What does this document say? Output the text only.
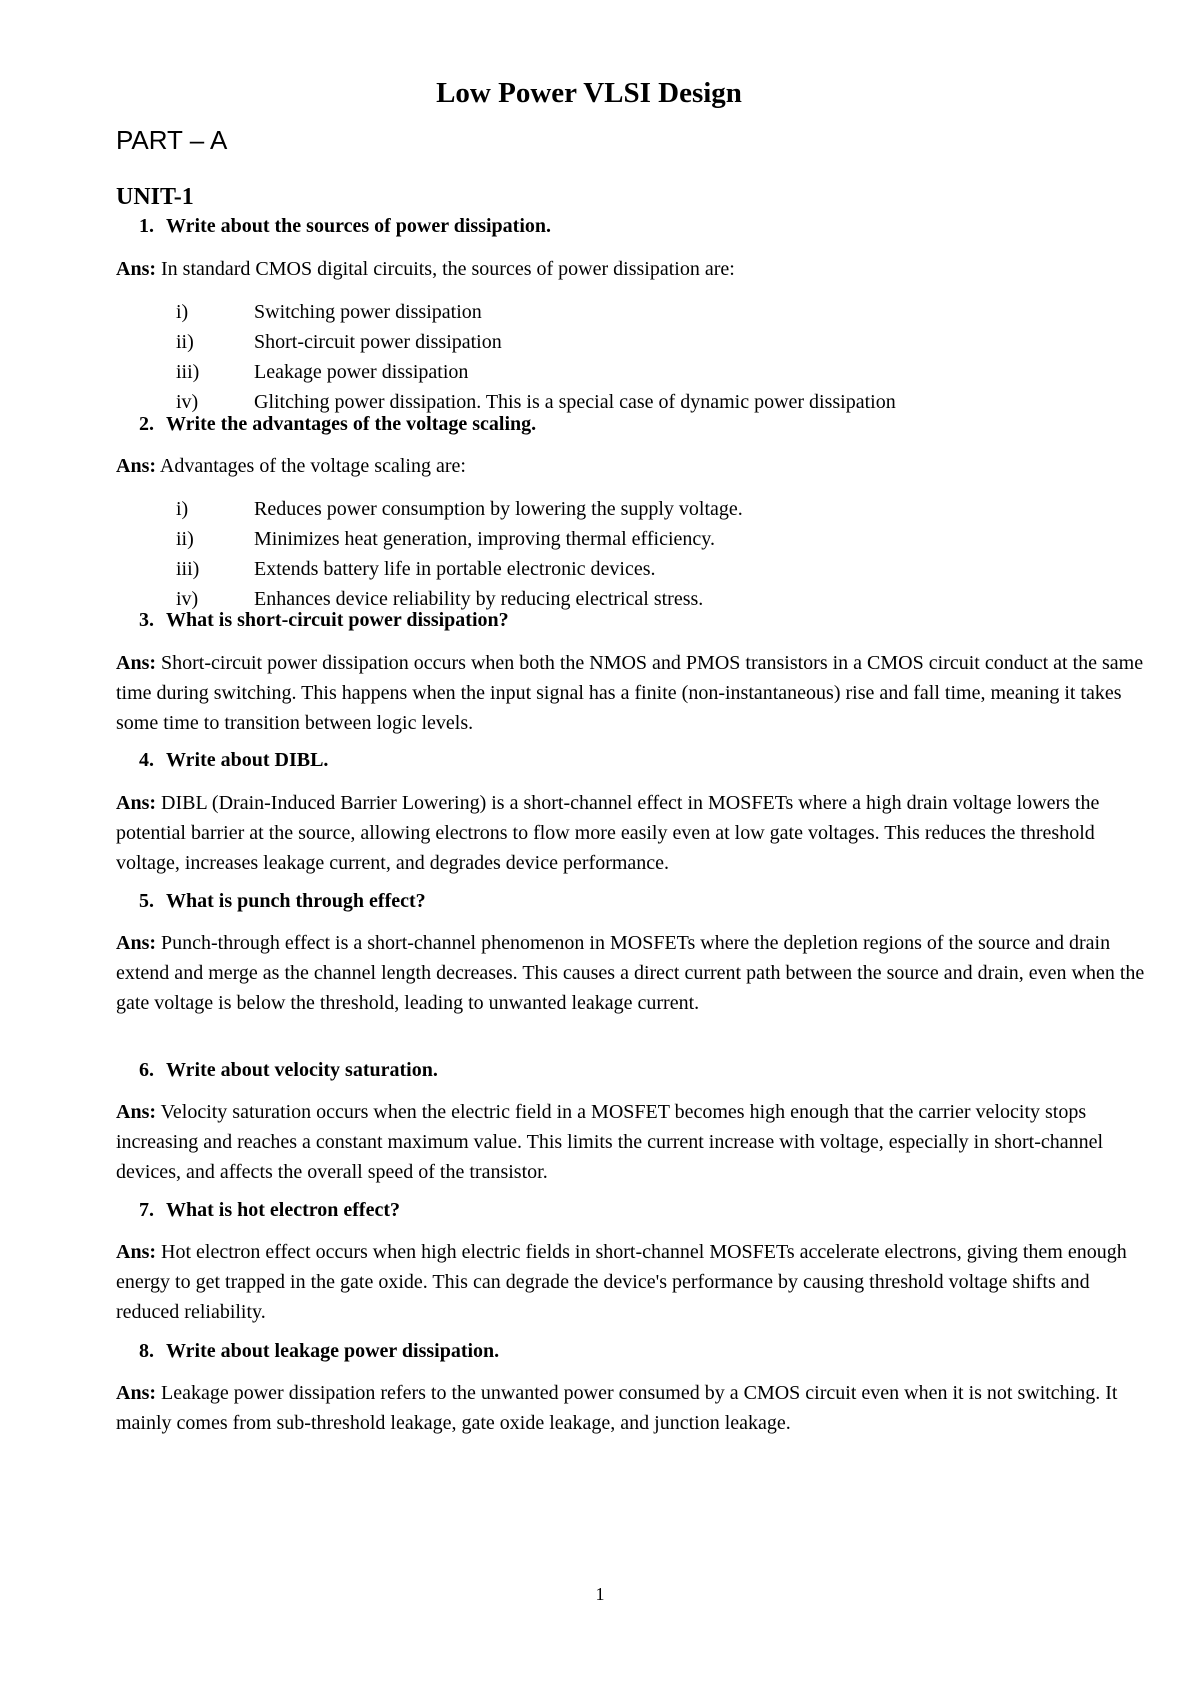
Low Power VLSI Design
PART – A
UNIT-1
1. Write about the sources of power dissipation.
Ans: In standard CMOS digital circuits, the sources of power dissipation are:
i)	Switching power dissipation
ii)	Short-circuit power dissipation
iii)	Leakage power dissipation
iv)	Glitching power dissipation. This is a special case of dynamic power dissipation
2. Write the advantages of the voltage scaling.
Ans: Advantages of the voltage scaling are:
i)	Reduces power consumption by lowering the supply voltage.
ii)	Minimizes heat generation, improving thermal efficiency.
iii)	Extends battery life in portable electronic devices.
iv)	Enhances device reliability by reducing electrical stress.
3. What is short-circuit power dissipation?
Ans: Short-circuit power dissipation occurs when both the NMOS and PMOS transistors in a CMOS circuit conduct at the same time during switching. This happens when the input signal has a finite (non-instantaneous) rise and fall time, meaning it takes some time to transition between logic levels.
4. Write about DIBL.
Ans: DIBL (Drain-Induced Barrier Lowering) is a short-channel effect in MOSFETs where a high drain voltage lowers the potential barrier at the source, allowing electrons to flow more easily even at low gate voltages. This reduces the threshold voltage, increases leakage current, and degrades device performance.
5. What is punch through effect?
Ans: Punch-through effect is a short-channel phenomenon in MOSFETs where the depletion regions of the source and drain extend and merge as the channel length decreases. This causes a direct current path between the source and drain, even when the gate voltage is below the threshold, leading to unwanted leakage current.
6. Write about velocity saturation.
Ans: Velocity saturation occurs when the electric field in a MOSFET becomes high enough that the carrier velocity stops increasing and reaches a constant maximum value. This limits the current increase with voltage, especially in short-channel devices, and affects the overall speed of the transistor.
7. What is hot electron effect?
Ans: Hot electron effect occurs when high electric fields in short-channel MOSFETs accelerate electrons, giving them enough energy to get trapped in the gate oxide. This can degrade the device's performance by causing threshold voltage shifts and reduced reliability.
8. Write about leakage power dissipation.
Ans: Leakage power dissipation refers to the unwanted power consumed by a CMOS circuit even when it is not switching. It mainly comes from sub-threshold leakage, gate oxide leakage, and junction leakage.
1
